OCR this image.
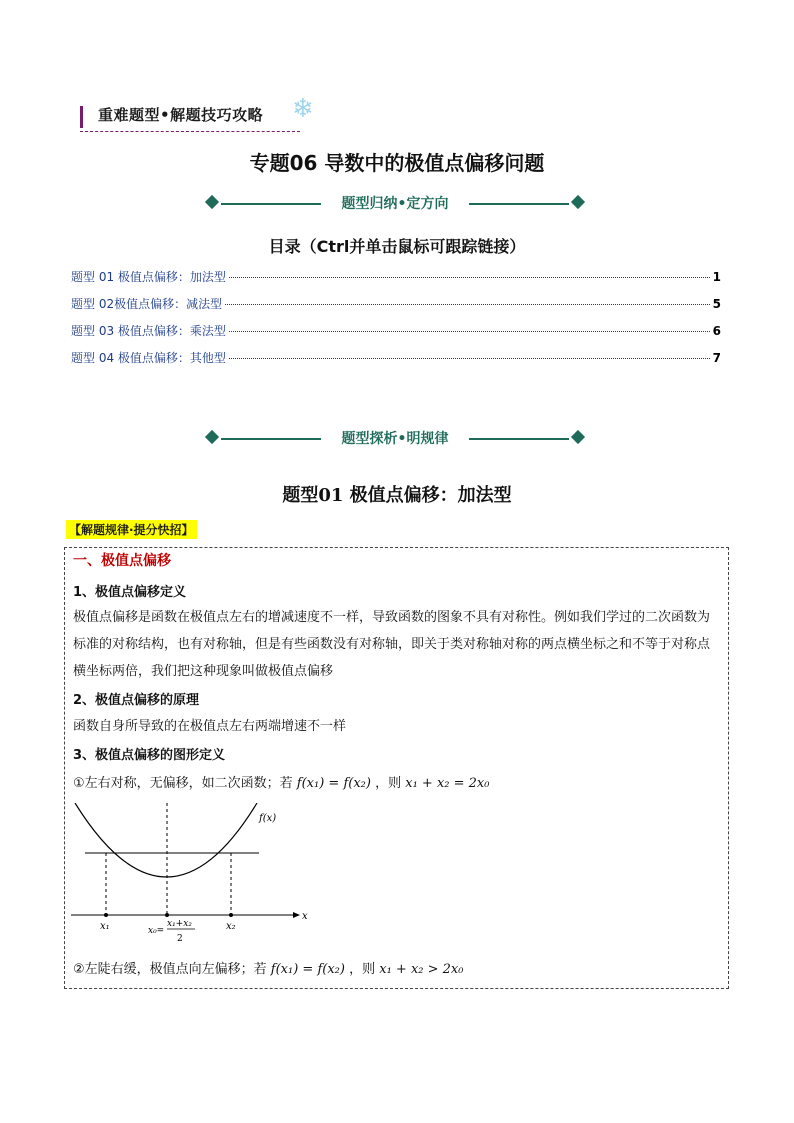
重难题型•解题技巧攻略 ❄
专题06 导数中的极值点偏移问题
题型归纳•定方向
目录（Ctrl并单击鼠标可跟踪链接）
题型 01 极值点偏移：加法型	1
题型 02极值点偏移：减法型	5
题型 03 极值点偏移：乘法型	6
题型 04 极值点偏移：其他型	7
题型探析•明规律
题型01 极值点偏移：加法型
【解题规律·提分快招】
一、极值点偏移
1、极值点偏移定义
极值点偏移是函数在极值点左右的增减速度不一样，导致函数的图象不具有对称性。例如我们学过的二次函数为标准的对称结构，也有对称轴，但是有些函数没有对称轴，即关于类对称轴对称的两点横坐标之和不等于对称点横坐标两倍，我们把这种现象叫做极值点偏移
2、极值点偏移的原理
函数自身所导致的在极值点左右两端增速不一样
3、极值点偏移的图形定义
①左右对称，无偏移，如二次函数；若 f(x₁) = f(x₂) ，则 x₁ + x₂ = 2x₀
x
f(x)
x₁	x₂
x₁+x₂
x₀=
2
②左陡右缓，极值点向左偏移；若 f(x₁) = f(x₂) ，则 x₁ + x₂ > 2x₀
